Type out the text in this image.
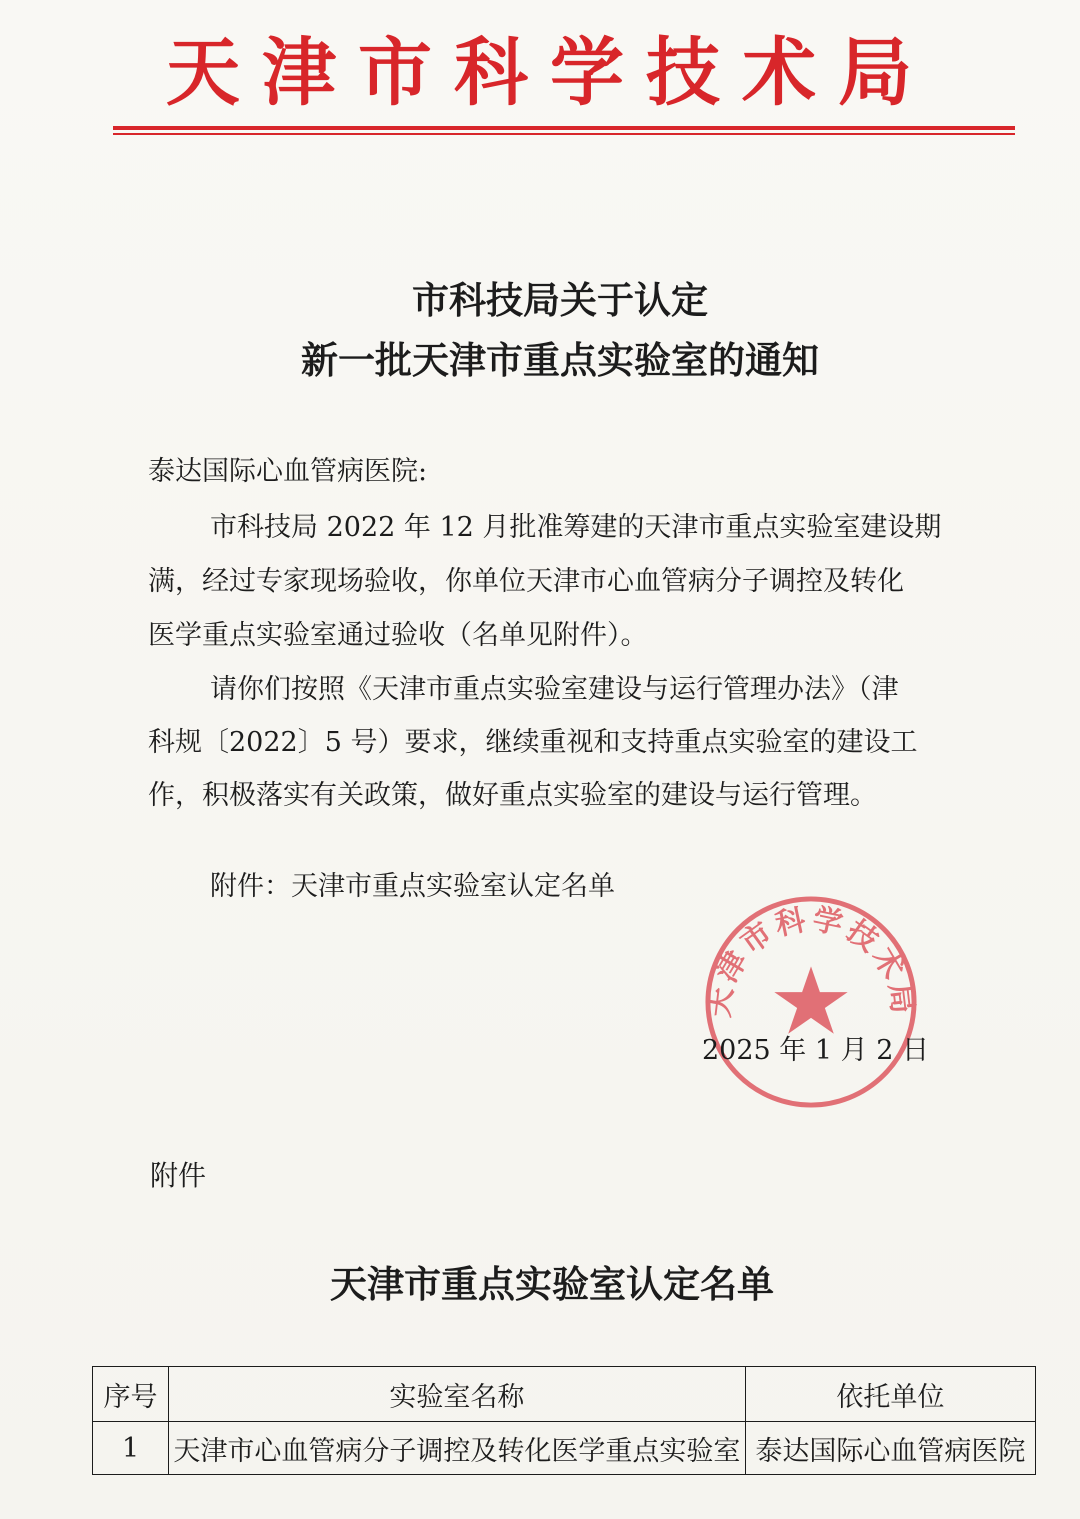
天津市科学技术局
市科技局关于认定
新一批天津市重点实验室的通知
泰达国际心血管病医院:
市科技局 2022 年 12 月批准筹建的天津市重点实验室建设期
满，经过专家现场验收，你单位天津市心血管病分子调控及转化
医学重点实验室通过验收（名单见附件）。
请你们按照《天津市重点实验室建设与运行管理办法》（津
科规〔2022〕5 号）要求，继续重视和支持重点实验室的建设工
作，积极落实有关政策，做好重点实验室的建设与运行管理。
附件：天津市重点实验室认定名单
天津市科学技术局
2025 年 1 月 2 日
附件
天津市重点实验室认定名单
序号	实验室名称	依托单位
1	天津市心血管病分子调控及转化医学重点实验室	泰达国际心血管病医院
